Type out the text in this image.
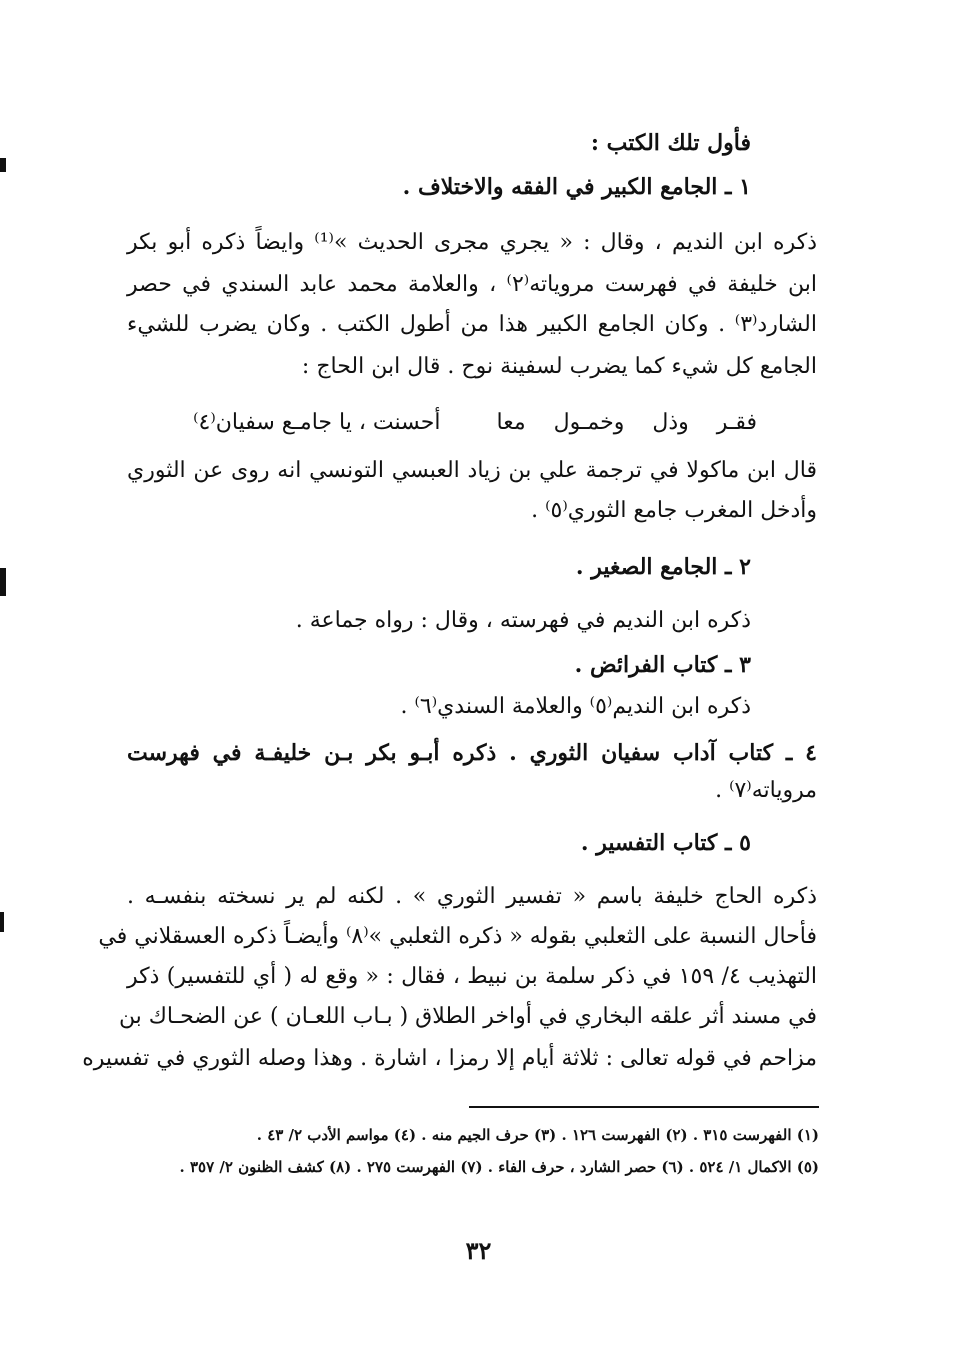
فأول تلك الكتب :
١ ـ الجامع الكبير في الفقه والاختلاف .
ذكره ابن النديم ، وقال : « يجري مجرى الحديث »⁽¹⁾ وايضاً ذكره أبو بكر
ابن خليفة في فهرست مروياته⁽٢⁾ ، والعلامة محمد عابد السندي في حصر
الشارد⁽٣⁾ . وكان الجامع الكبير هذا من أطول الكتب . وكان يضرب للشيء
الجامع كل شيء كما يضرب لسفينة نوح . قال ابن الحاج :
فقـر
وذل
وخمـول
معا
أحسنت ، يا جامـع سفيان⁽٤⁾
قال ابن ماكولا في ترجمة علي بن زياد العبسي التونسي انه روى عن الثوري
وأدخل المغرب جامع الثوري⁽٥⁾ .
٢ ـ الجامع الصغير .
ذكره ابن النديم في فهرسته ، وقال : رواه جماعة .
٣ ـ كتاب الفرائض .
ذكره ابن النديم⁽٥⁾ والعلامة السندي⁽٦⁾ .
٤ ـ كتاب آداب سفيان الثوري . ذكره أبـو بكر بـن خليفـة في فهرست
مروياته⁽٧⁾ .
٥ ـ كتاب التفسير .
ذكره الحاج خليفة باسم « تفسير الثوري » . لكنه لم ير نسخته بنفسـه .
فأحال النسبة على الثعلبي بقوله « ذكره الثعلبي »⁽٨⁾ وأيضـاً ذكره العسقلاني في
التهذيب ٤/ ١٥٩ في ذكر سلمة بن نبيط ، فقال : « وقع له ( أي للتفسير) ذكر
في مسند أثر علقه البخاري في أواخر الطلاق ( بـاب اللعـان ) عن الضحـاك بن
مزاحم في قوله تعالى : ثلاثة أيام إلا رمزا ، اشارة . وهذا وصله الثوري في تفسيره
(١) الفهرست ٣١٥ . (٢) الفهرست ١٢٦ . (٣) حرف الجيم منه . (٤) مواسم الأدب ٢/ ٤٣ .
(٥) الاكمال ١/ ٥٢٤ . (٦) حصر الشارد ، حرف الفاء . (٧) الفهرست ٢٧٥ . (٨) كشف الظنون ٢/ ٣٥٧ .
٣٢
